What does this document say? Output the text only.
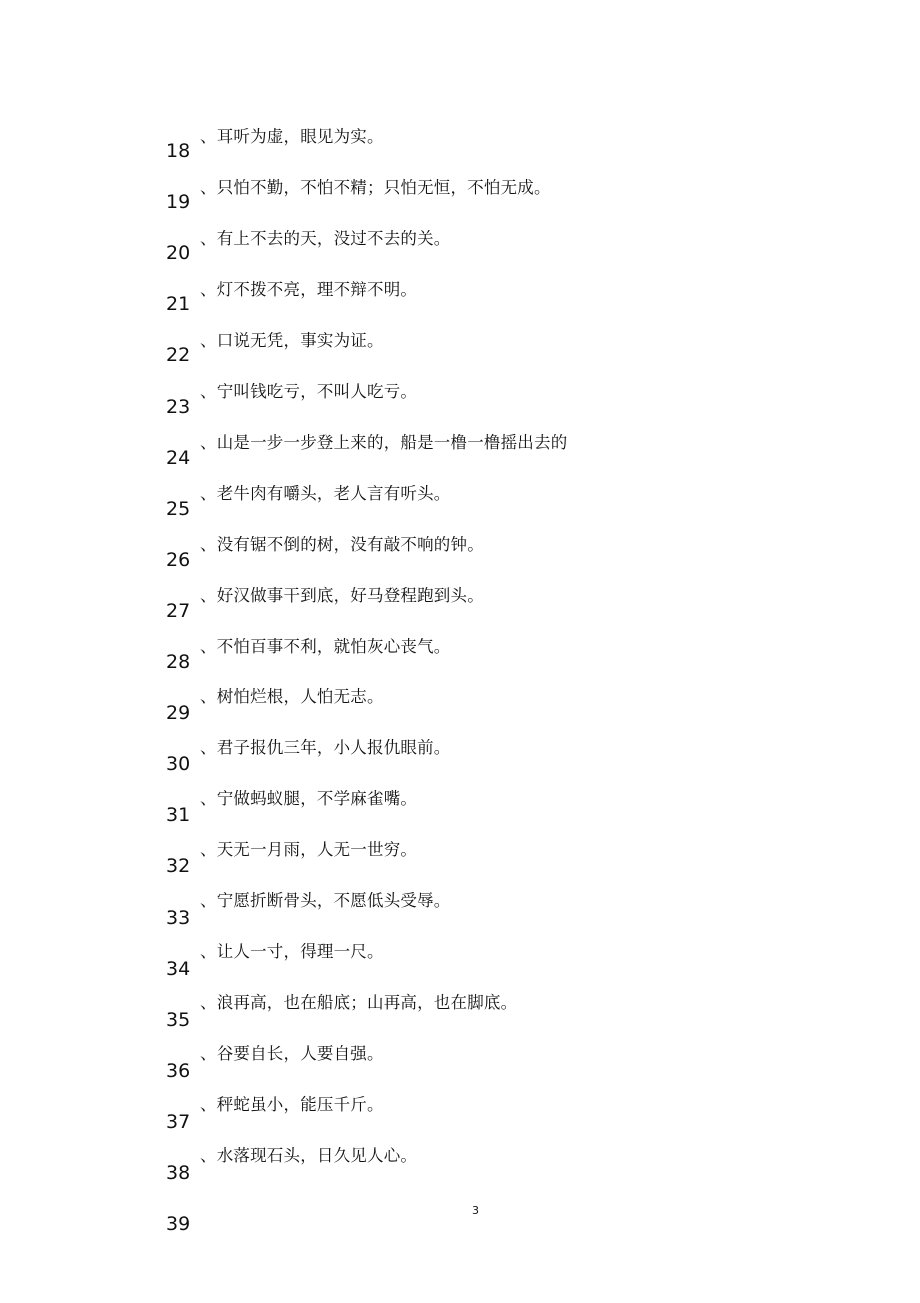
18
19
20
21
22
23
24
25
26
27
28
29
30
31
32
33
34
35
36
37
38
39
、耳听为虚，眼见为实。
、只怕不勤，不怕不精；只怕无恒，不怕无成。
、有上不去的天，没过不去的关。
、灯不拨不亮，理不辩不明。
、口说无凭，事实为证。
、宁叫钱吃亏，不叫人吃亏。
、山是一步一步登上来的，船是一橹一橹摇出去的
、老牛肉有嚼头，老人言有听头。
、没有锯不倒的树，没有敲不响的钟。
、好汉做事干到底，好马登程跑到头。
、不怕百事不利，就怕灰心丧气。
、树怕烂根，人怕无志。
、君子报仇三年，小人报仇眼前。
、宁做蚂蚁腿，不学麻雀嘴。
、天无一月雨，人无一世穷。
、宁愿折断骨头，不愿低头受辱。
、让人一寸，得理一尺。
、浪再高，也在船底；山再高，也在脚底。
、谷要自长，人要自强。
、秤蛇虽小，能压千斤。
、水落现石头，日久见人心。
3
